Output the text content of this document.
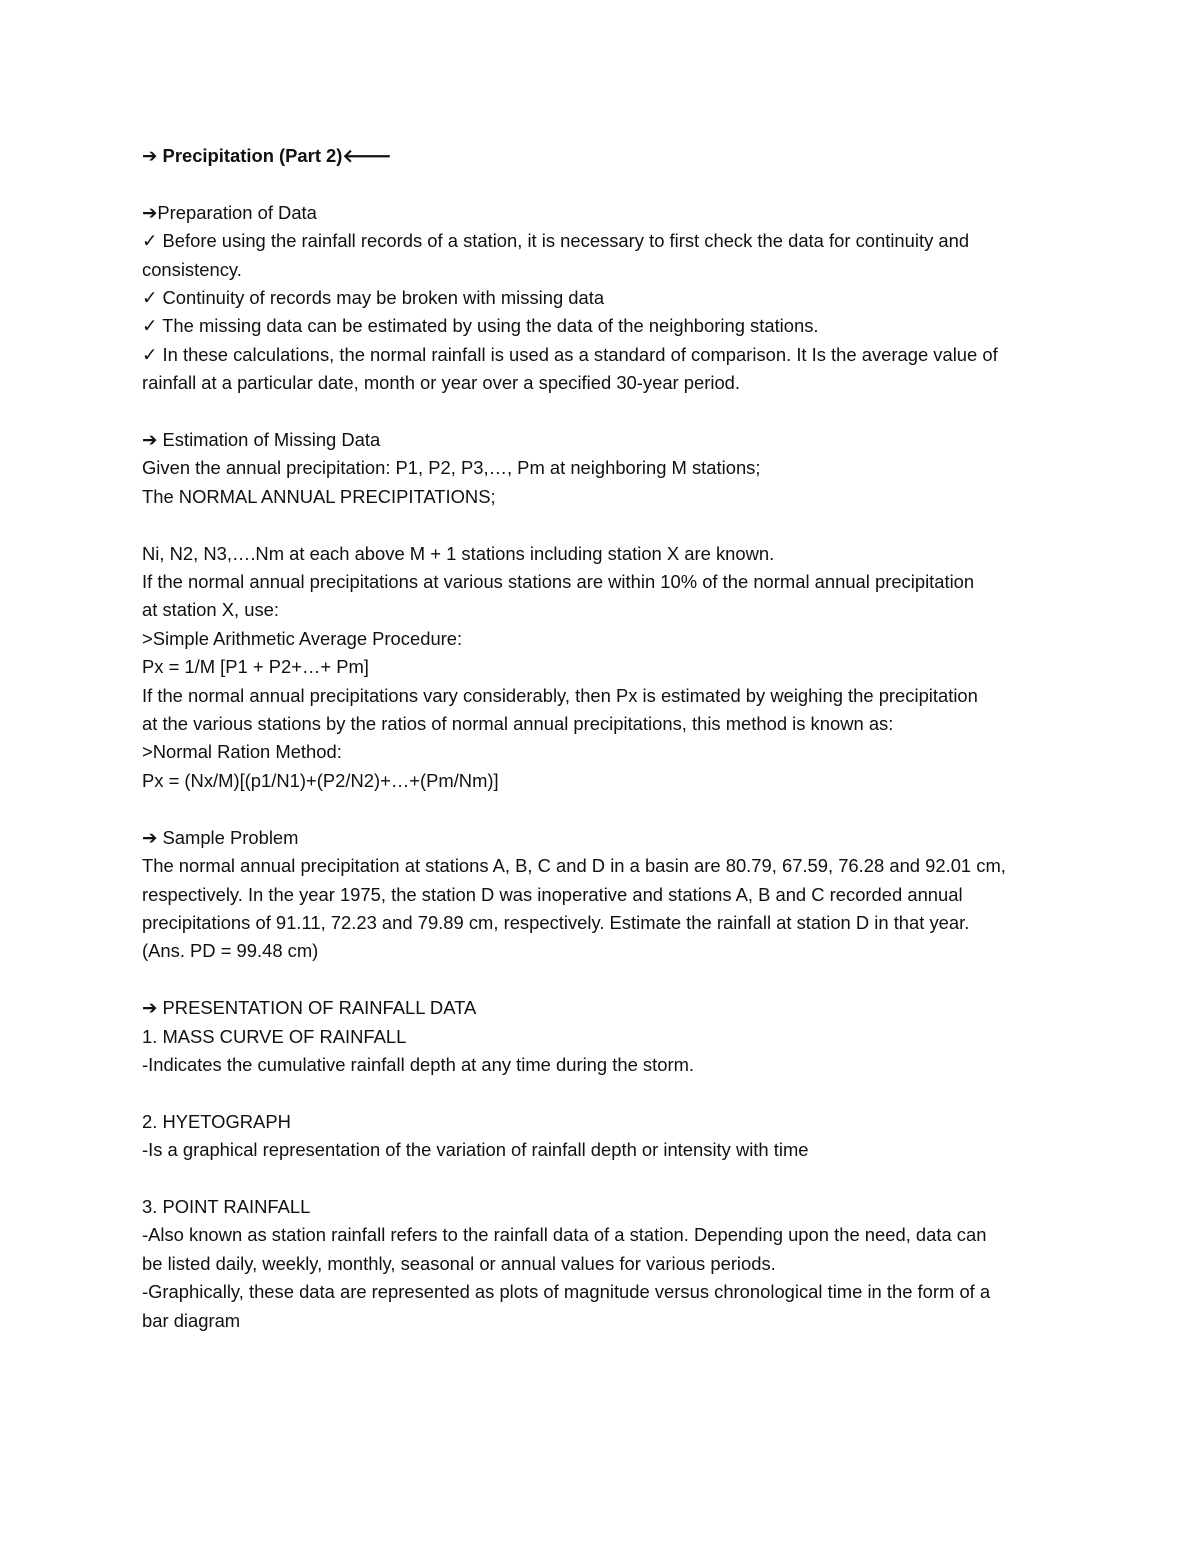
➔ Precipitation (Part 2)🡐

➔Preparation of Data

✓ Before using the rainfall records of a station, it is necessary to first check the data for continuity and

consistency.

✓ Continuity of records may be broken with missing data

✓ The missing data can be estimated by using the data of the neighboring stations.

✓ In these calculations, the normal rainfall is used as a standard of comparison. It Is the average value of

rainfall at a particular date, month or year over a specified 30-year period.

➔ Estimation of Missing Data

Given the annual precipitation: P1, P2, P3,…, Pm at neighboring M stations;

The NORMAL ANNUAL PRECIPITATIONS;

Ni, N2, N3,….Nm at each above M + 1 stations including station X are known.

If the normal annual precipitations at various stations are within 10% of the normal annual precipitation

at station X, use:

>Simple Arithmetic Average Procedure:

Px = 1/M [P1 + P2+…+ Pm]

If the normal annual precipitations vary considerably, then Px is estimated by weighing the precipitation

at the various stations by the ratios of normal annual precipitations, this method is known as:

>Normal Ration Method:

Px = (Nx/M)[(p1/N1)+(P2/N2)+…+(Pm/Nm)]

➔ Sample Problem

The normal annual precipitation at stations A, B, C and D in a basin are 80.79, 67.59, 76.28 and 92.01 cm,

respectively. In the year 1975, the station D was inoperative and stations A, B and C recorded annual

precipitations of 91.11, 72.23 and 79.89 cm, respectively. Estimate the rainfall at station D in that year.

(Ans. PD = 99.48 cm)

➔ PRESENTATION OF RAINFALL DATA

1. MASS CURVE OF RAINFALL

-Indicates the cumulative rainfall depth at any time during the storm.

2. HYETOGRAPH

-Is a graphical representation of the variation of rainfall depth or intensity with time

3. POINT RAINFALL

-Also known as station rainfall refers to the rainfall data of a station. Depending upon the need, data can

be listed daily, weekly, monthly, seasonal or annual values for various periods.

-Graphically, these data are represented as plots of magnitude versus chronological time in the form of a

bar diagram
